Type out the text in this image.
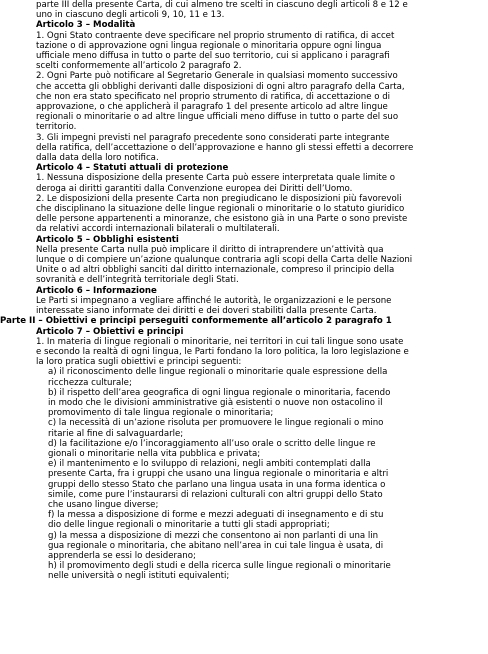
parte III della presente Carta, di cui almeno tre scelti in ciascuno degli articoli 8 e 12 e

uno in ciascuno degli articoli 9, 10, 11 e 13.

Articolo 3 – Modalità

1. Ogni Stato contraente deve specificare nel proprio strumento di ratifica, di accet

tazione o di approvazione ogni lingua regionale o minoritaria oppure ogni lingua

ufficiale meno diffusa in tutto o parte del suo territorio, cui si applicano i paragrafi

scelti conformemente all’articolo 2 paragrafo 2.

2. Ogni Parte può notificare al Segretario Generale in qualsiasi momento successivo

che accetta gli obblighi derivanti dalle disposizioni di ogni altro paragrafo della Carta,

che non era stato specificato nel proprio strumento di ratifica, di accettazione o di

approvazione, o che applicherà il paragrafo 1 del presente articolo ad altre lingue

regionali o minoritarie o ad altre lingue ufficiali meno diffuse in tutto o parte del suo

territorio.

3. Gli impegni previsti nel paragrafo precedente sono considerati parte integrante

della ratifica, dell’accettazione o dell’approvazione e hanno gli stessi effetti a decorrere

dalla data della loro notifica.

Articolo 4 – Statuti attuali di protezione

1. Nessuna disposizione della presente Carta può essere interpretata quale limite o

deroga ai diritti garantiti dalla Convenzione europea dei Diritti dell’Uomo.

2. Le disposizioni della presente Carta non pregiudicano le disposizioni più favorevoli

che disciplinano la situazione delle lingue regionali o minoritarie o lo statuto giuridico

delle persone appartenenti a minoranze, che esistono già in una Parte o sono previste

da relativi accordi internazionali bilaterali o multilaterali.

Articolo 5 – Obblighi esistenti

Nella presente Carta nulla può implicare il diritto di intraprendere un’attività qua

lunque o di compiere un’azione qualunque contraria agli scopi della Carta delle Nazioni

Unite o ad altri obblighi sanciti dal diritto internazionale, compreso il principio della

sovranità e dell’integrità territoriale degli Stati.

Articolo 6 – Informazione

Le Parti si impegnano a vegliare affinché le autorità, le organizzazioni e le persone

interessate siano informate dei diritti e dei doveri stabiliti dalla presente Carta.

Parte II – Obiettivi e principi perseguiti conformemente all’articolo 2 paragrafo 1

Articolo 7 – Obiettivi e principi

1. In materia di lingue regionali o minoritarie, nei territori in cui tali lingue sono usate

e secondo la realtà di ogni lingua, le Parti fondano la loro politica, la loro legislazione e

la loro pratica sugli obiettivi e principi seguenti:

a) il riconoscimento delle lingue regionali o minoritarie quale espressione della

ricchezza culturale;

b) il rispetto dell’area geografica di ogni lingua regionale o minoritaria, facendo

in modo che le divisioni amministrative già esistenti o nuove non ostacolino il

promovimento di tale lingua regionale o minoritaria;

c) la necessità di un’azione risoluta per promuovere le lingue regionali o mino

ritarie al fine di salvaguardarle;

d) la facilitazione e/o l’incoraggiamento all’uso orale o scritto delle lingue re

gionali o minoritarie nella vita pubblica e privata;

e) il mantenimento e lo sviluppo di relazioni, negli ambiti contemplati dalla

presente Carta, fra i gruppi che usano una lingua regionale o minoritaria e altri

gruppi dello stesso Stato che parlano una lingua usata in una forma identica o

simile, come pure l’instaurarsi di relazioni culturali con altri gruppi dello Stato

che usano lingue diverse;

f) la messa a disposizione di forme e mezzi adeguati di insegnamento e di stu

dio delle lingue regionali o minoritarie a tutti gli stadi appropriati;

g) la messa a disposizione di mezzi che consentono ai non parlanti di una lin

gua regionale o minoritaria, che abitano nell’area in cui tale lingua è usata, di

apprenderla se essi lo desiderano;

h) il promovimento degli studi e della ricerca sulle lingue regionali o minoritarie

nelle università o negli istituti equivalenti;
